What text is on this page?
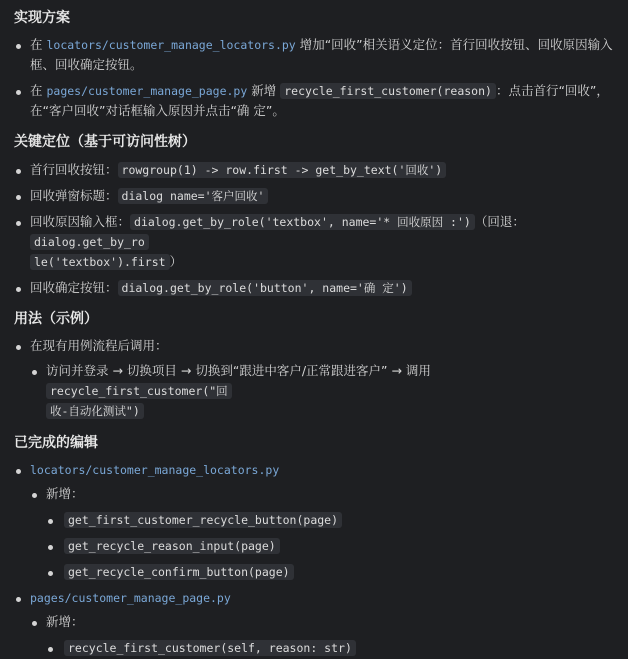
实现方案
在 locators/customer_manage_locators.py 增加“回收”相关语义定位：首行回收按钮、回收原因输入框、回收确定按钮。
在 pages/customer_manage_page.py 新增 recycle_first_customer(reason) ：点击首行“回收”，在“客户回收”对话框输入原因并点击“确 定”。
关键定位（基于可访问性树）
首行回收按钮： rowgroup(1) -> row.first -> get_by_text('回收')
回收弹窗标题： dialog name='客户回收'
回收原因输入框： dialog.get_by_role('textbox', name='* 回收原因 :') （回退：dialog.get_by_ro
le('textbox').first ）
回收确定按钮： dialog.get_by_role('button', name='确 定')
用法（示例）
在现有用例流程后调用：
访问并登录 → 切换项目 → 切换到“跟进中客户/正常跟进客户” → 调用 recycle_first_customer("回
收-自动化测试")
已完成的编辑
locators/customer_manage_locators.py
新增：
get_first_customer_recycle_button(page)
get_recycle_reason_input(page)
get_recycle_confirm_button(page)
pages/customer_manage_page.py
新增：
recycle_first_customer(self, reason: str)
